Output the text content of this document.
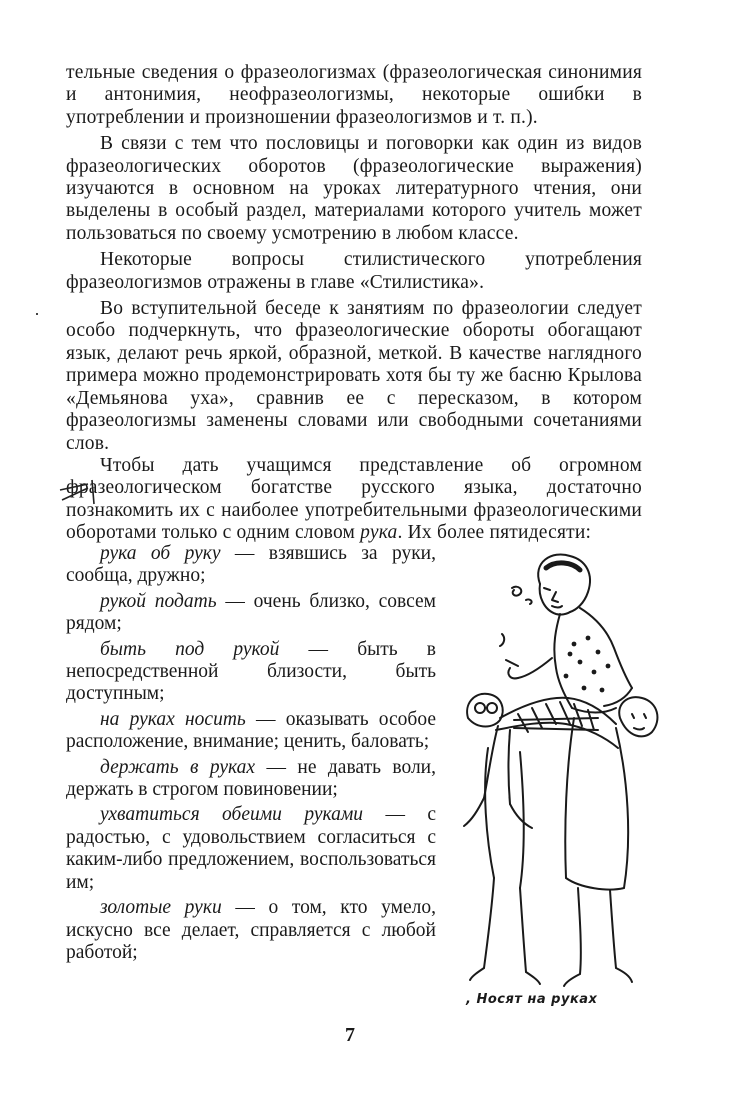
тельные сведения о фразеологизмах (фразеологическая синонимия и антонимия, неофразеологизмы, некоторые ошибки в употреблении и произношении фразеологизмов и т. п.).

В связи с тем что пословицы и поговорки как один из видов фразеологических оборотов (фразеологические выражения) изучаются в основном на уроках литературного чтения, они выделены в особый раздел, материалами которого учитель может пользоваться по своему усмотрению в любом классе.

Некоторые вопросы стилистического употребления фразеологизмов отражены в главе «Стилистика».

Во вступительной беседе к занятиям по фразеологии следует особо подчеркнуть, что фразеологические обороты обогащают язык, делают речь яркой, образной, меткой. В качестве наглядного примера можно продемонстрировать хотя бы ту же басню Крылова «Демьянова уха», сравнив ее с пересказом, в котором фразеологизмы заменены словами или свободными сочетаниями слов.

Чтобы дать учащимся представление об огромном фразеологическом богатстве русского языка, достаточно познакомить их с наиболее употребительными фразеологическими оборотами только с одним словом рука. Их более пятидесяти:

рука об руку — взявшись за руки, сообща, дружно;

рукой подать — очень близко, совсем рядом;

быть под рукой — быть в непосредственной близости, быть доступным;

на руках носить — оказывать особое расположение, внимание; ценить, баловать;

держать в руках — не давать воли, держать в строгом повиновении;

ухватиться обеими руками — с радостью, с удовольствием согласиться с каким-либо предложением, воспользоваться им;

золотые руки — о том, кто умело, искусно все делает, справляется с любой работой;

, Носят на руках
7
